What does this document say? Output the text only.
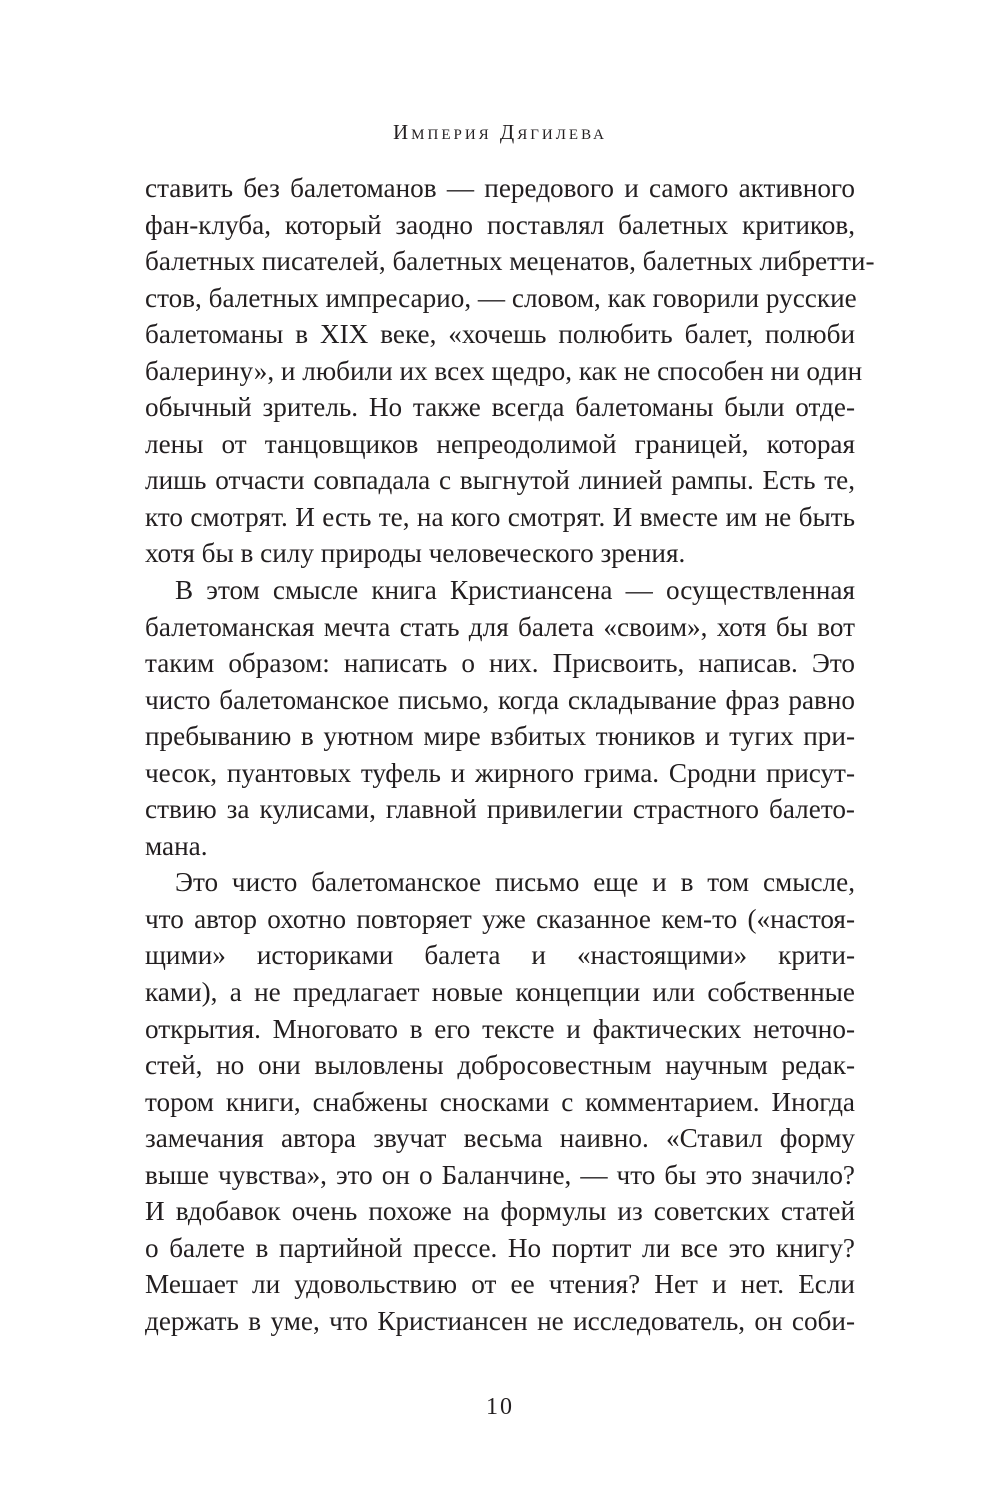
Империя Дягилева
ставить без балетоманов — передового и самого активного
фан-клуба, который заодно поставлял балетных критиков,
балетных писателей, балетных меценатов, балетных либретти-
стов, балетных импресарио, — словом, как говорили русские
балетоманы в XIX веке, «хочешь полюбить балет, полюби
балерину», и любили их всех щедро, как не способен ни один
обычный зритель. Но также всегда балетоманы были отде-
лены от танцовщиков непреодолимой границей, которая
лишь отчасти совпадала с выгнутой линией рампы. Есть те,
кто смотрят. И есть те, на кого смотрят. И вместе им не быть
хотя бы в силу природы человеческого зрения.
В этом смысле книга Кристиансена — осуществленная
балетоманская мечта стать для балета «своим», хотя бы вот
таким образом: написать о них. Присвоить, написав. Это
чисто балетоманское письмо, когда складывание фраз равно
пребыванию в уютном мире взбитых тюников и тугих при-
чесок, пуантовых туфель и жирного грима. Сродни присут-
ствию за кулисами, главной привилегии страстного балето-
мана.
Это чисто балетоманское письмо еще и в том смысле,
что автор охотно повторяет уже сказанное кем-то («настоя-
щими» историками балета и «настоящими» крити-
ками), а не предлагает новые концепции или собственные
открытия. Многовато в его тексте и фактических неточно-
стей, но они выловлены добросовестным научным редак-
тором книги, снабжены сносками с комментарием. Иногда
замечания автора звучат весьма наивно. «Ставил форму
выше чувства», это он о Баланчине, — что бы это значило?
И вдобавок очень похоже на формулы из советских статей
о балете в партийной прессе. Но портит ли все это книгу?
Мешает ли удовольствию от ее чтения? Нет и нет. Если
держать в уме, что Кристиансен не исследователь, он соби-
10
